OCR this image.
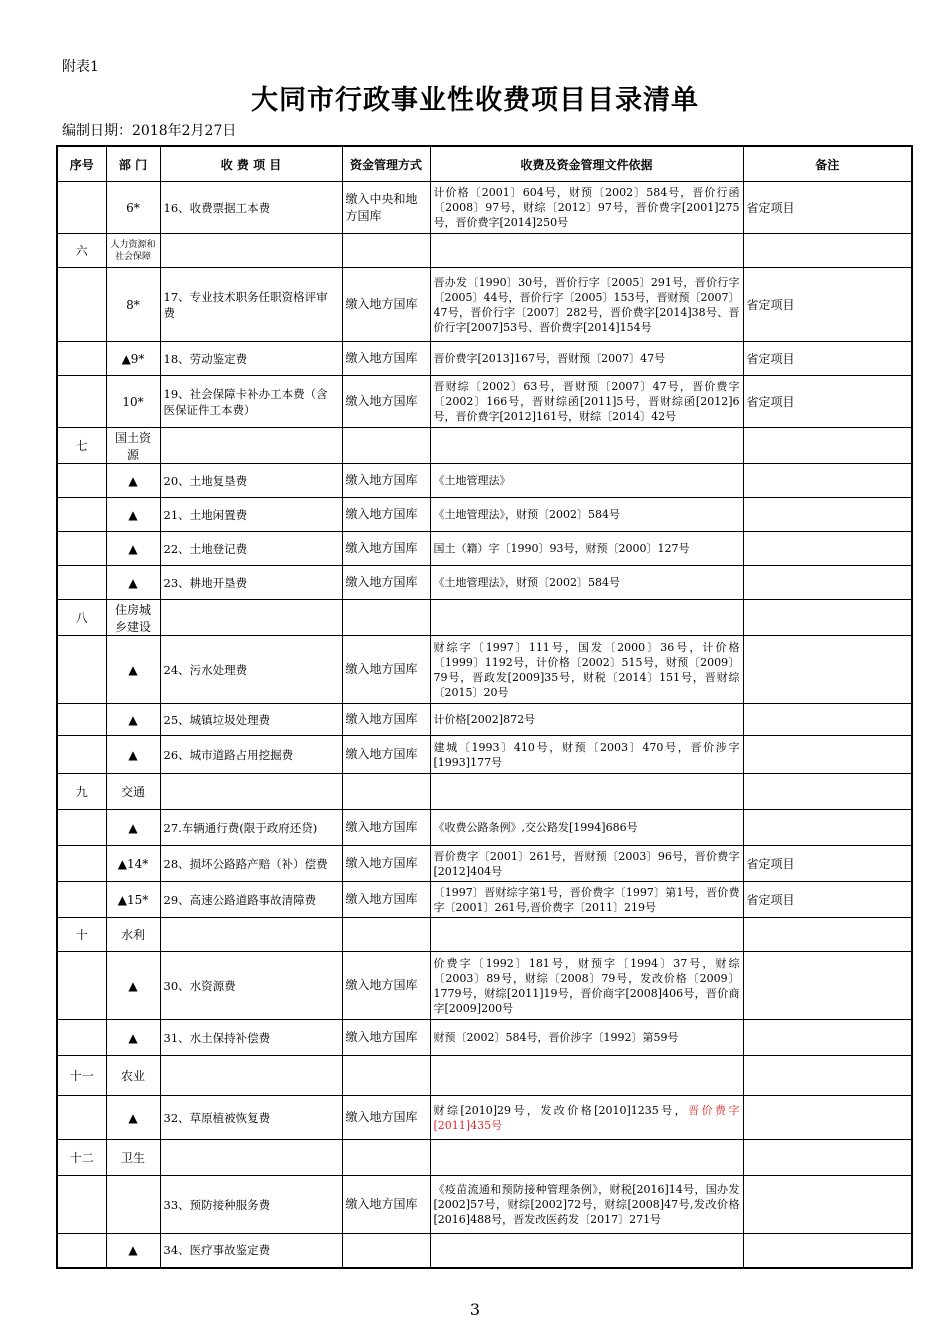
附表1
大同市行政事业性收费项目目录清单
编制日期：2018年2月27日
序号	部 门	收 费 项 目	资金管理方式	收费及资金管理文件依据	备注
	6*	16、收费票据工本费	缴入中央和地方国库	计价格〔2001〕604号，财预〔2002〕584号，晋价行函〔2008〕97号，财综〔2012〕97号，晋价费字[2001]275号，晋价费字[2014]250号	省定项目
六	人力资源和社会保障				
	8*	17、专业技术职务任职资格评审费	缴入地方国库	晋办发〔1990〕30号，晋价行字〔2005〕291号，晋价行字〔2005〕44号，晋价行字〔2005〕153号，晋财预〔2007〕47号，晋价行字〔2007〕282号，晋价费字[2014]38号、晋价行字[2007]53号、晋价费字[2014]154号	省定项目
	▲9*	18、劳动鉴定费	缴入地方国库	晋价费字[2013]167号，晋财预〔2007〕47号	省定项目
	10*	19、社会保障卡补办工本费（含医保证件工本费）	缴入地方国库	晋财综〔2002〕63号，晋财预〔2007〕47号，晋价费字〔2002〕166号，晋财综函[2011]5号，晋财综函[2012]6号，晋价费字[2012]161号，财综〔2014〕42号	省定项目
七	国土资源				
	▲	20、土地复垦费	缴入地方国库	《土地管理法》	
	▲	21、土地闲置费	缴入地方国库	《土地管理法》，财预〔2002〕584号	
	▲	22、土地登记费	缴入地方国库	国土（籍）字〔1990〕93号，财预〔2000〕127号	
	▲	23、耕地开垦费	缴入地方国库	《土地管理法》，财预〔2002〕584号	
八	住房城乡建设				
	▲	24、污水处理费	缴入地方国库	财综字〔1997〕111号，国发〔2000〕36号，计价格〔1999〕1192号，计价格〔2002〕515号，财预〔2009〕79号，晋政发[2009]35号，财税〔2014〕151号，晋财综〔2015〕20号	
	▲	25、城镇垃圾处理费	缴入地方国库	计价格[2002]872号	
	▲	26、城市道路占用挖掘费	缴入地方国库	建城〔1993〕410号，财预〔2003〕470号，晋价涉字[1993]177号	
九	交通				
	▲	27.车辆通行费(限于政府还贷)	缴入地方国库	《收费公路条例》,交公路发[1994]686号	
	▲14*	28、损坏公路路产赔（补）偿费	缴入地方国库	晋价费字〔2001〕261号，晋财预〔2003〕96号，晋价费字[2012]404号	省定项目
	▲15*	29、高速公路道路事故清障费	缴入地方国库	〔1997〕晋财综字第1号，晋价费字〔1997〕第1号，晋价费字〔2001〕261号,晋价费字〔2011〕219号	省定项目
十	水利				
	▲	30、水资源费	缴入地方国库	价费字〔1992〕181号，财预字〔1994〕37号，财综〔2003〕89号，财综〔2008〕79号，发改价格〔2009〕1779号，财综[2011]19号，晋价商字[2008]406号，晋价商字[2009]200号	
	▲	31、水土保持补偿费	缴入地方国库	财预〔2002〕584号，晋价涉字〔1992〕第59号	
十一	农业				
	▲	32、草原植被恢复费	缴入地方国库	财综[2010]29号，发改价格[2010]1235号，晋价费字[2011]435号	
十二	卫生				
		33、预防接种服务费	缴入地方国库	《疫苗流通和预防接种管理条例》，财税[2016]14号，国办发[2002]57号，财综[2002]72号，财综[2008]47号,发改价格[2016]488号，晋发改医药发〔2017〕271号	
	▲	34、医疗事故鉴定费			
3
